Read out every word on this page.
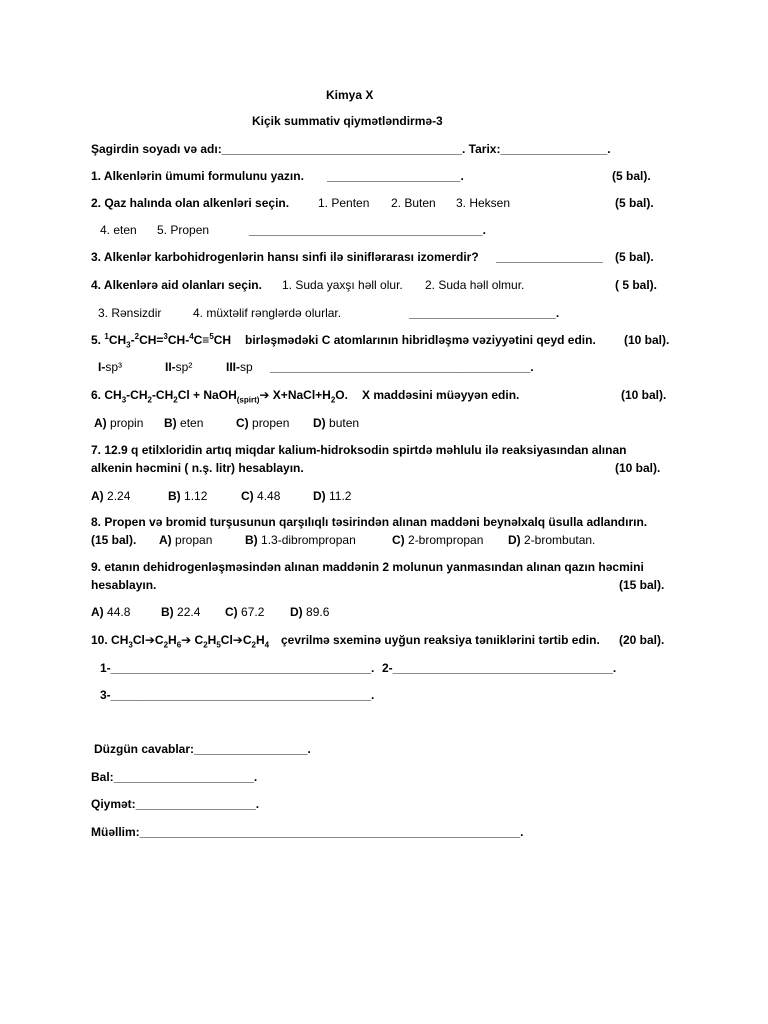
Kimya X
Kiçik summativ qiymətləndirmə-3
Şagirdin soyadı və adı:____________________________________. Tarix:________________.
1. Alkenlərin ümumi formulunu yazın. ____________________.	(5 bal).
2. Qaz halında olan alkenləri seçin. 1. Penten 2. Buten 3. Heksen	(5 bal).
4. eten 5. Propen	___________________________________.
3. Alkenlər karbohidrogenlərin hansı sinfi ilə siniflərarası izomerdir? ________________ (5 bal).
4. Alkenlərə aid olanları seçin. 1. Suda yaxşı həll olur. 2. Suda həll olmur.	( 5 bal).
3. Rənsizdir	4. müxtəlif rənglərdə olurlar.	______________________.
5. $^1CH_3-^2CH=^3CH-^4C\equiv^5CH$ birləşmədəki C atomlarının hibridləşmə vəziyyətini qeyd edin. (10 bal).
I-sp³	II-sp²	III-sp _______________________________________.
6. $CH_3-CH_2-CH_2Cl$ + NaOH$_{(spirt)}$➔ $X+NaCl+H_2O$. X maddəsini müəyyən edin.	(10 bal).
A) propin B) eten	C) propen D) buten
7. 12.9 q etilxloridin artıq miqdar kalium-hidroksodin spirtdə məhlulu ilə reaksiyasından alınan
alkenin həcmini ( n.ş. litr) hesablayın.	(10 bal).
A) 2.24	B) 1.12	C) 4.48	D) 11.2
8. Propen və bromid turşusunun qarşılıqlı təsirindən alınan maddəni beynəlxalq üsulla adlandırın.
(15 bal). A) propan	B) 1.3-dibrompropan	C) 2-brompropan D) 2-brombutan.
9. etanın dehidrogenləşməsindən alınan maddənin 2 molunun yanmasından alınan qazın həcmini
hesablayın.	(15 bal).
A) 44.8	B) 22.4 C) 67.2 D) 89.6
10. $CH_3Cl➔C_2H_6➔$ $C_2H_5Cl➔C_2H_4$ çevrilmə sxeminə uyğun reaksiya tənıiklərini tərtib edin. (20 bal).
1-_______________________________________. 2-_________________________________.
3-_______________________________________.
Düzgün cavablar:_________________.
Bal:_____________________.
Qiymət:__________________.
Müəllim:_________________________________________________________.
